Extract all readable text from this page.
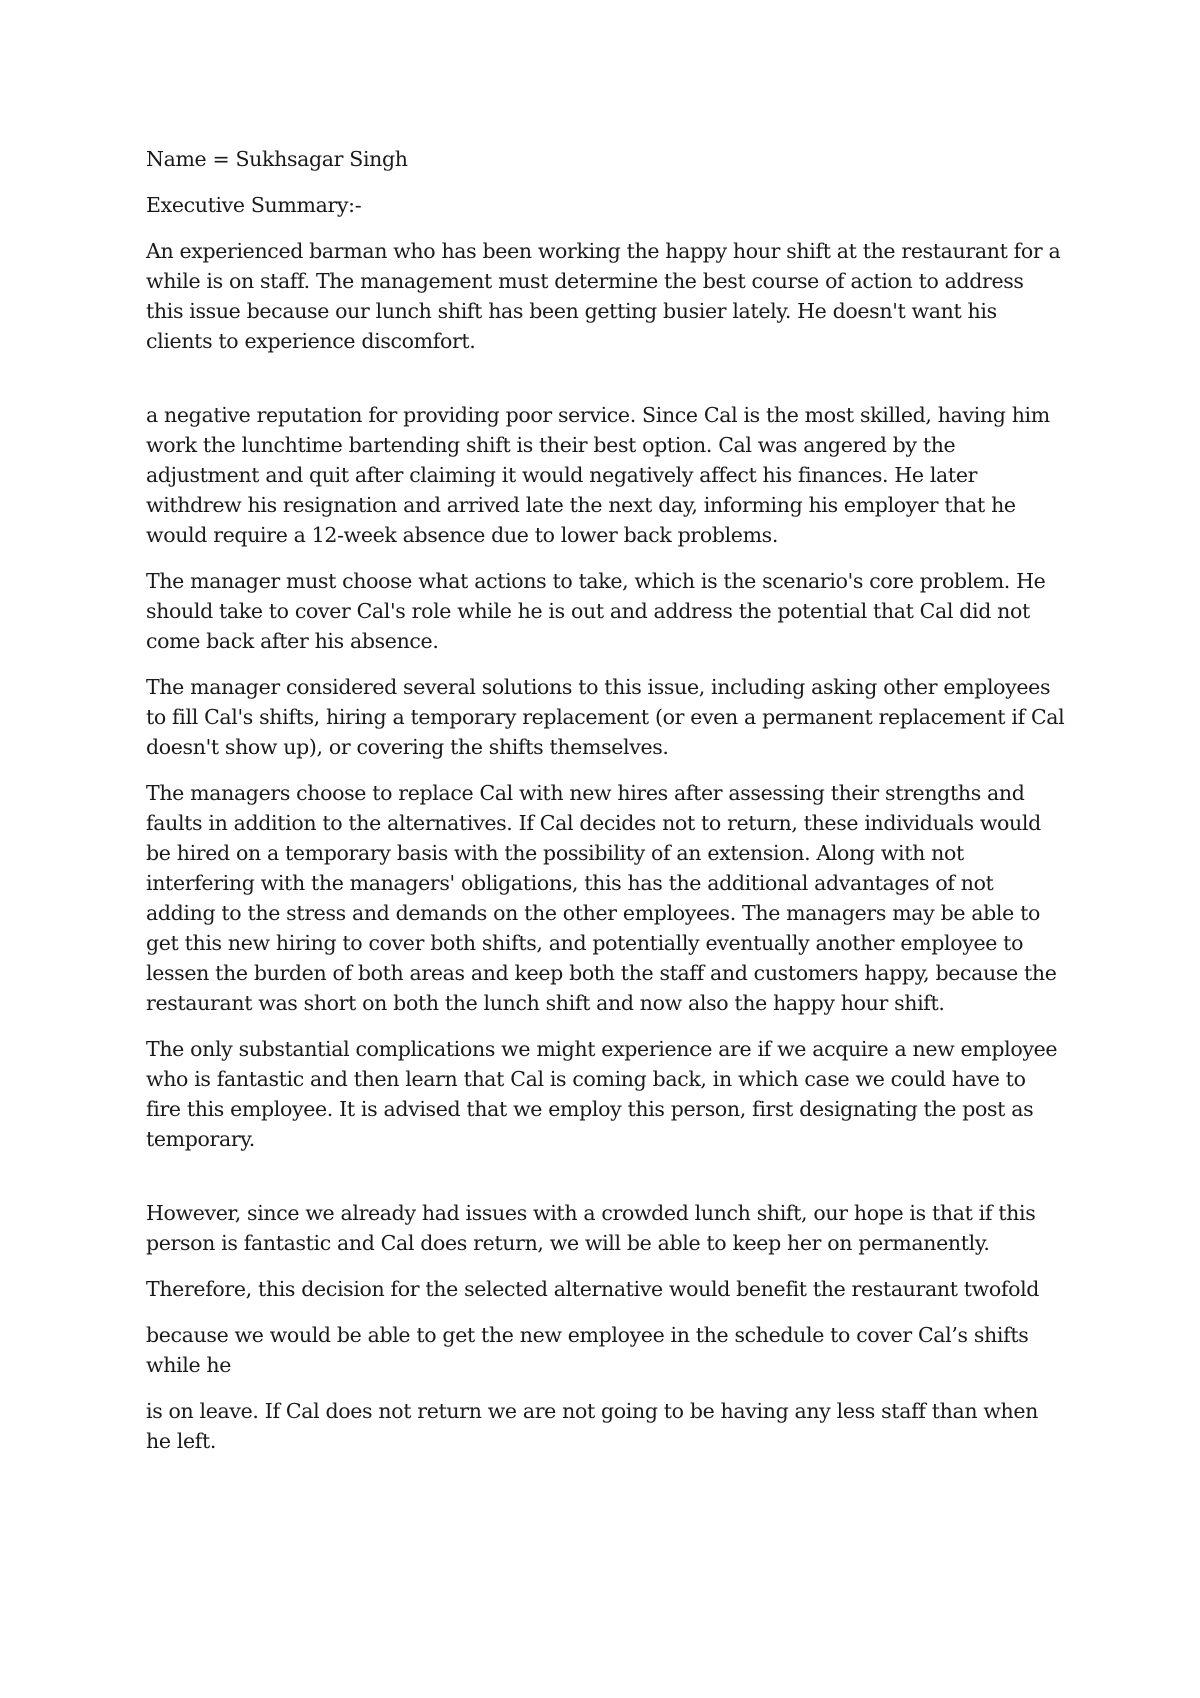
Name = Sukhsagar Singh

Executive Summary:-

An experienced barman who has been working the happy hour shift at the restaurant for a while is on staff. The management must determine the best course of action to address this issue because our lunch shift has been getting busier lately. He doesn't want his clients to experience discomfort.

a negative reputation for providing poor service. Since Cal is the most skilled, having him work the lunchtime bartending shift is their best option. Cal was angered by the adjustment and quit after claiming it would negatively affect his finances. He later withdrew his resignation and arrived late the next day, informing his employer that he would require a 12-week absence due to lower back problems.

The manager must choose what actions to take, which is the scenario's core problem. He should take to cover Cal's role while he is out and address the potential that Cal did not come back after his absence.

The manager considered several solutions to this issue, including asking other employees to fill Cal's shifts, hiring a temporary replacement (or even a permanent replacement if Cal doesn't show up), or covering the shifts themselves.

The managers choose to replace Cal with new hires after assessing their strengths and faults in addition to the alternatives. If Cal decides not to return, these individuals would be hired on a temporary basis with the possibility of an extension. Along with not interfering with the managers' obligations, this has the additional advantages of not adding to the stress and demands on the other employees. The managers may be able to get this new hiring to cover both shifts, and potentially eventually another employee to lessen the burden of both areas and keep both the staff and customers happy, because the restaurant was short on both the lunch shift and now also the happy hour shift.

The only substantial complications we might experience are if we acquire a new employee who is fantastic and then learn that Cal is coming back, in which case we could have to fire this employee. It is advised that we employ this person, first designating the post as temporary.

However, since we already had issues with a crowded lunch shift, our hope is that if this person is fantastic and Cal does return, we will be able to keep her on permanently.

Therefore, this decision for the selected alternative would benefit the restaurant twofold

because we would be able to get the new employee in the schedule to cover Cal’s shifts while he

is on leave. If Cal does not return we are not going to be having any less staff than when he left.
